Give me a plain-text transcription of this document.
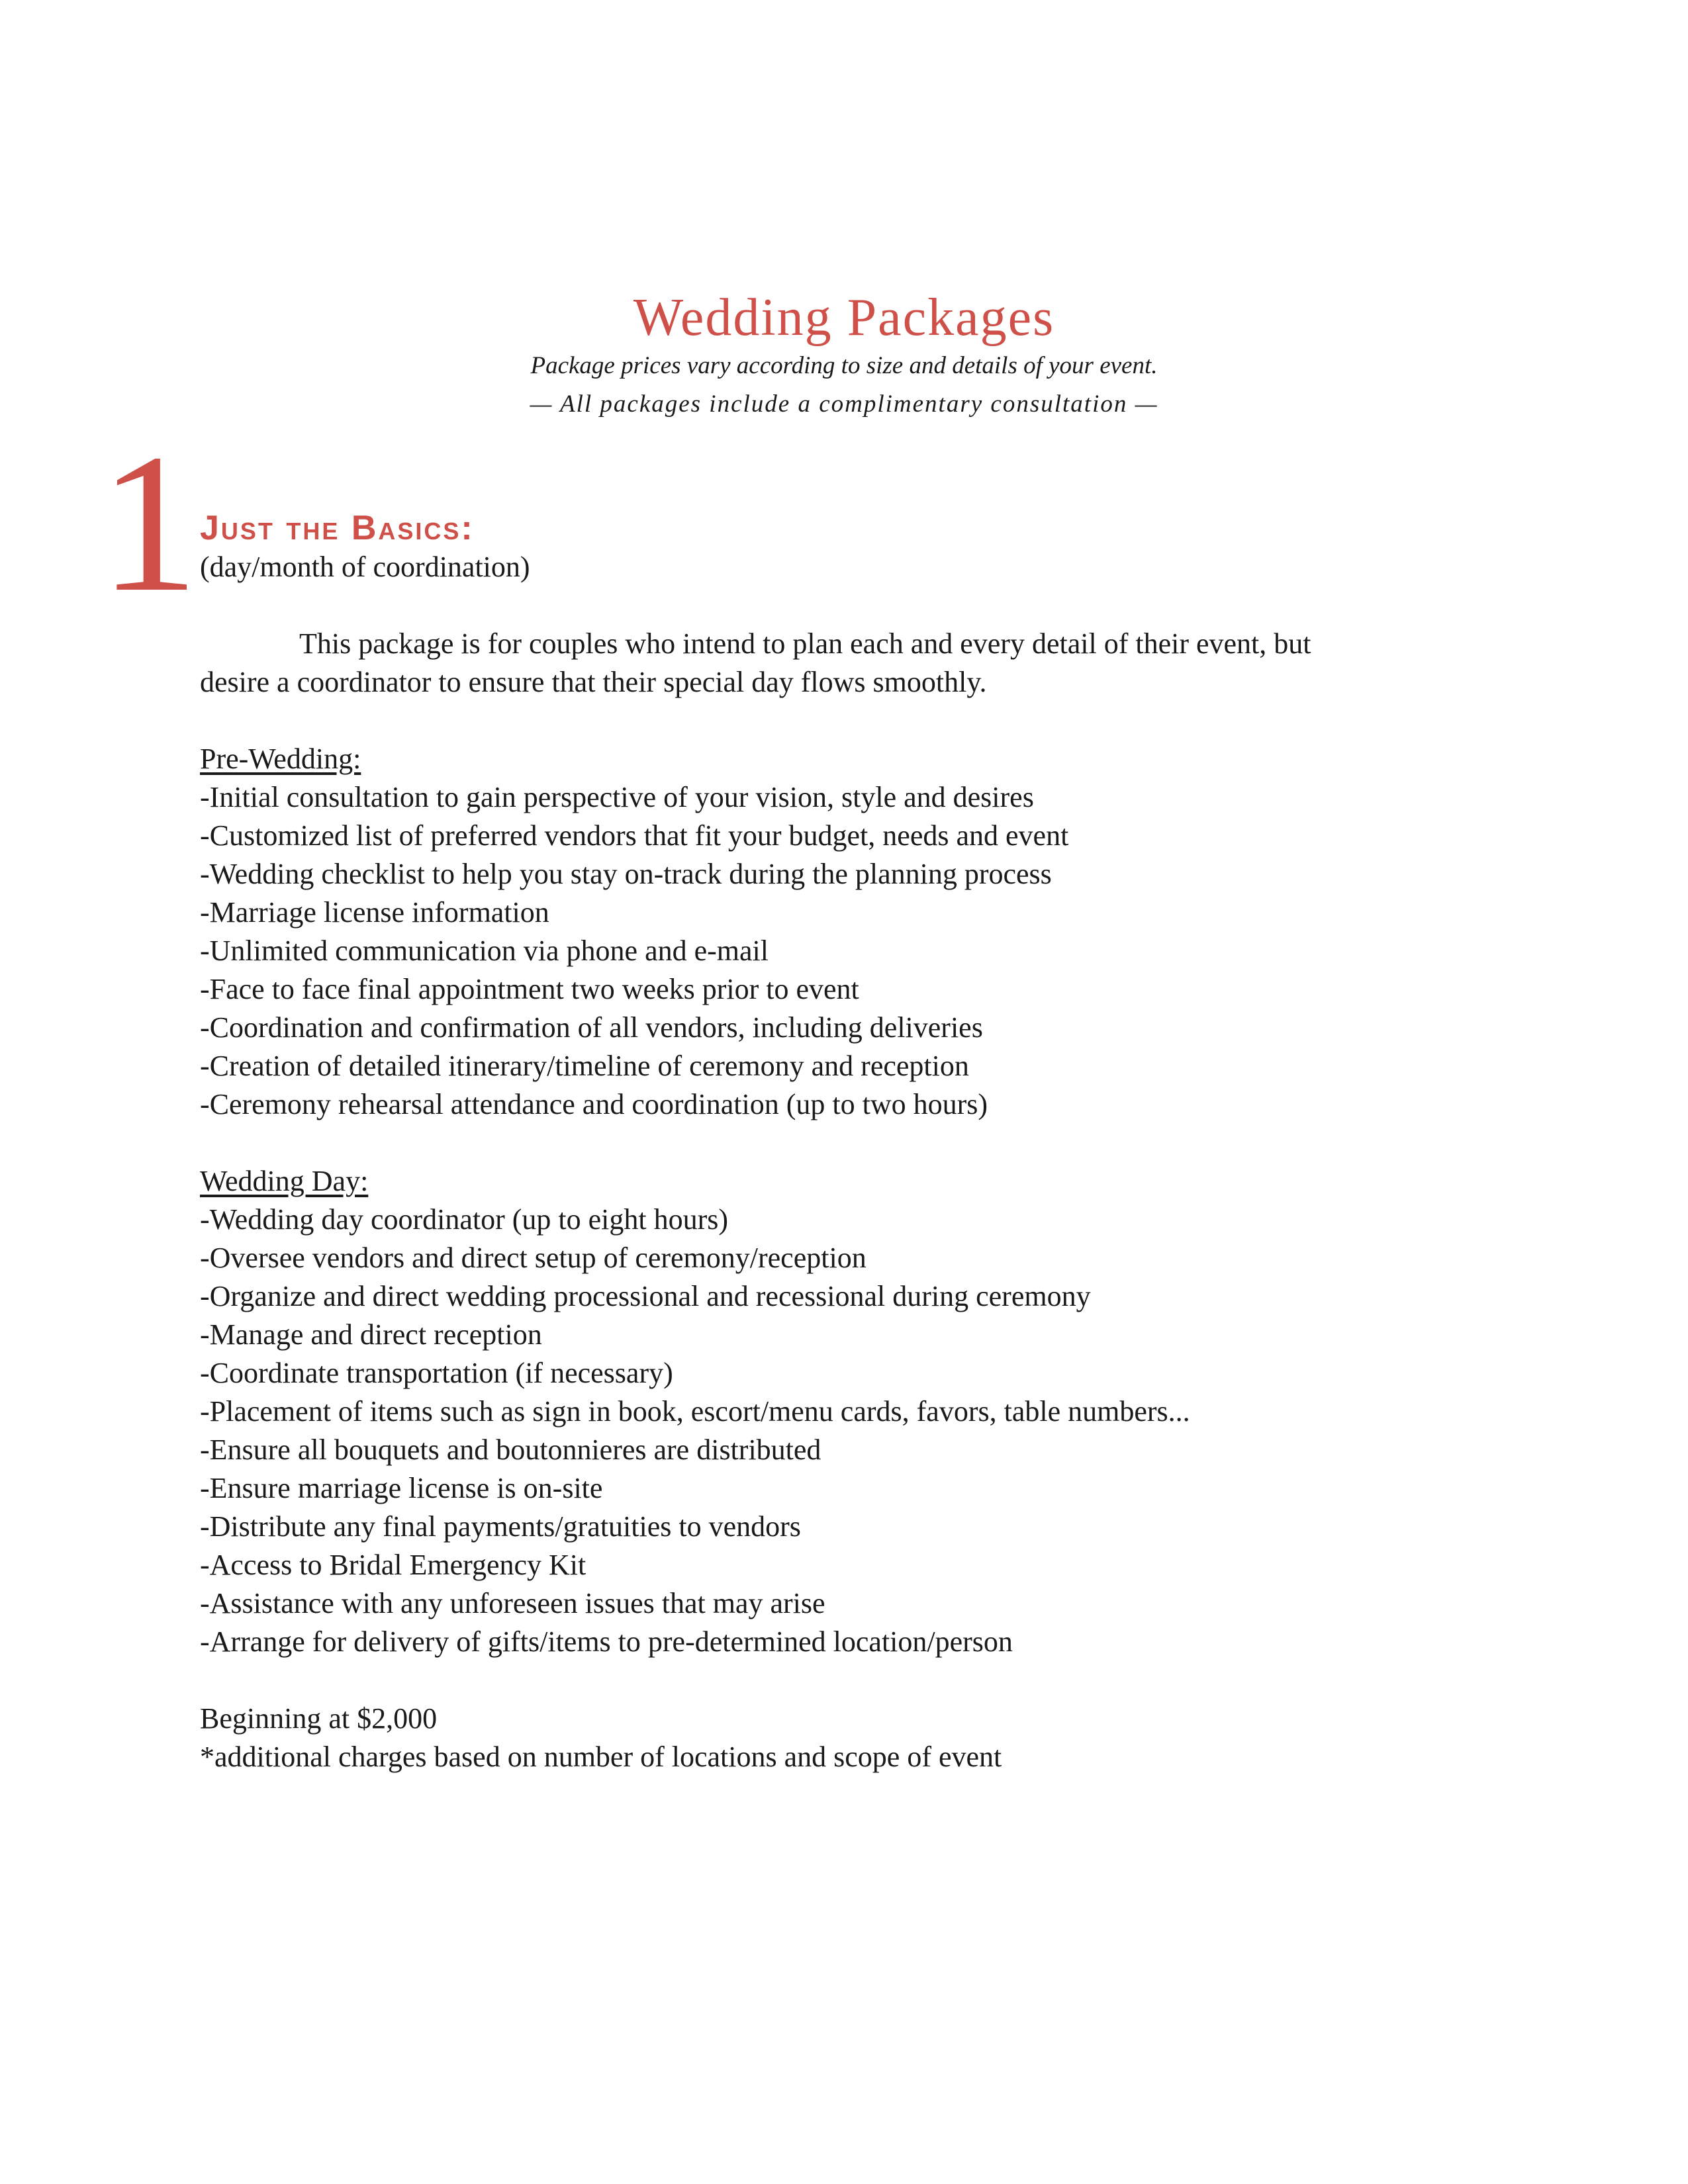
Wedding Packages
Package prices vary according to size and details of your event.
— All packages include a complimentary consultation —
1 Just the Basics:
(day/month of coordination)
This package is for couples who intend to plan each and every detail of their event, but
desire a coordinator to ensure that their special day flows smoothly.
Pre-Wedding:
-Initial consultation to gain perspective of your vision, style and desires
-Customized list of preferred vendors that fit your budget, needs and event
-Wedding checklist to help you stay on-track during the planning process
-Marriage license information
-Unlimited communication via phone and e-mail
-Face to face final appointment two weeks prior to event
-Coordination and confirmation of all vendors, including deliveries
-Creation of detailed itinerary/timeline of ceremony and reception
-Ceremony rehearsal attendance and coordination (up to two hours)
Wedding Day:
-Wedding day coordinator (up to eight hours)
-Oversee vendors and direct setup of ceremony/reception
-Organize and direct wedding processional and recessional during ceremony
-Manage and direct reception
-Coordinate transportation (if necessary)
-Placement of items such as sign in book, escort/menu cards, favors, table numbers...
-Ensure all bouquets and boutonnieres are distributed
-Ensure marriage license is on-site
-Distribute any final payments/gratuities to vendors
-Access to Bridal Emergency Kit
-Assistance with any unforeseen issues that may arise
-Arrange for delivery of gifts/items to pre-determined location/person
Beginning at $2,000
*additional charges based on number of locations and scope of event
